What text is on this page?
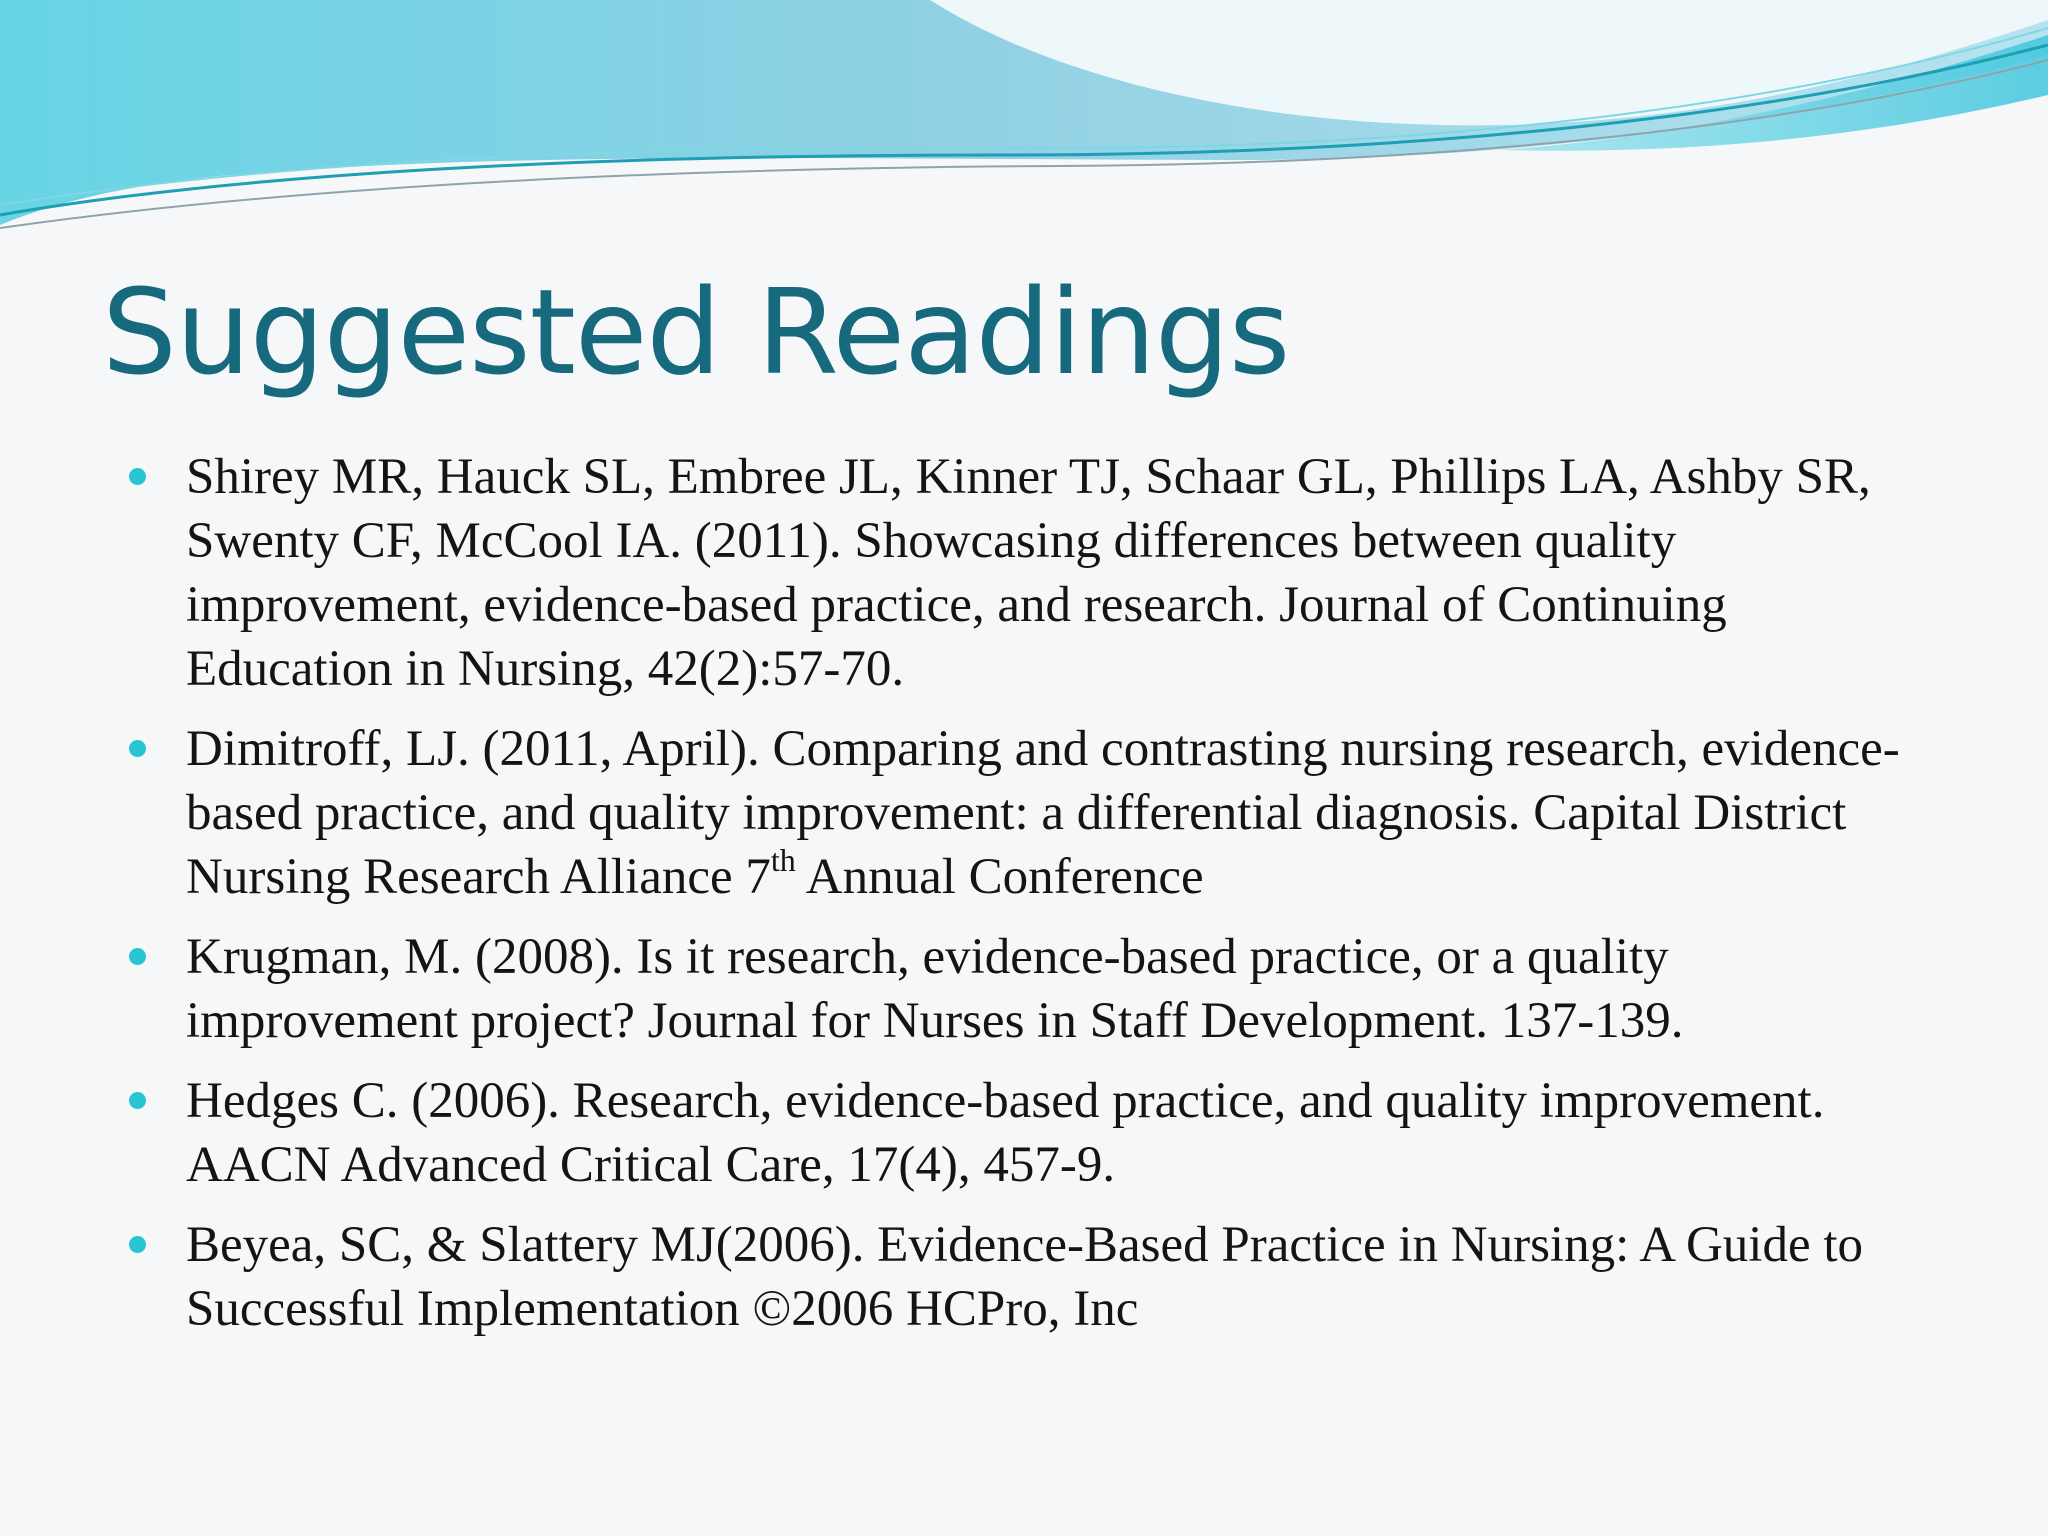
Suggested Readings
Shirey MR, Hauck SL, Embree JL, Kinner TJ, Schaar GL, Phillips LA, Ashby SR, Swenty CF, McCool IA. (2011). Showcasing differences between quality improvement, evidence-based practice, and research. Journal of Continuing Education in Nursing, 42(2):57-70.
Dimitroff, LJ. (2011, April). Comparing and contrasting nursing research, evidence-based practice, and quality improvement: a differential diagnosis. Capital District Nursing Research Alliance 7th Annual Conference
Krugman, M. (2008). Is it research, evidence-based practice, or a quality improvement project? Journal for Nurses in Staff Development. 137-139.
Hedges C. (2006). Research, evidence-based practice, and quality improvement. AACN Advanced Critical Care, 17(4), 457-9.
Beyea, SC, & Slattery MJ(2006). Evidence-Based Practice in Nursing: A Guide to Successful Implementation ©2006 HCPro, Inc
